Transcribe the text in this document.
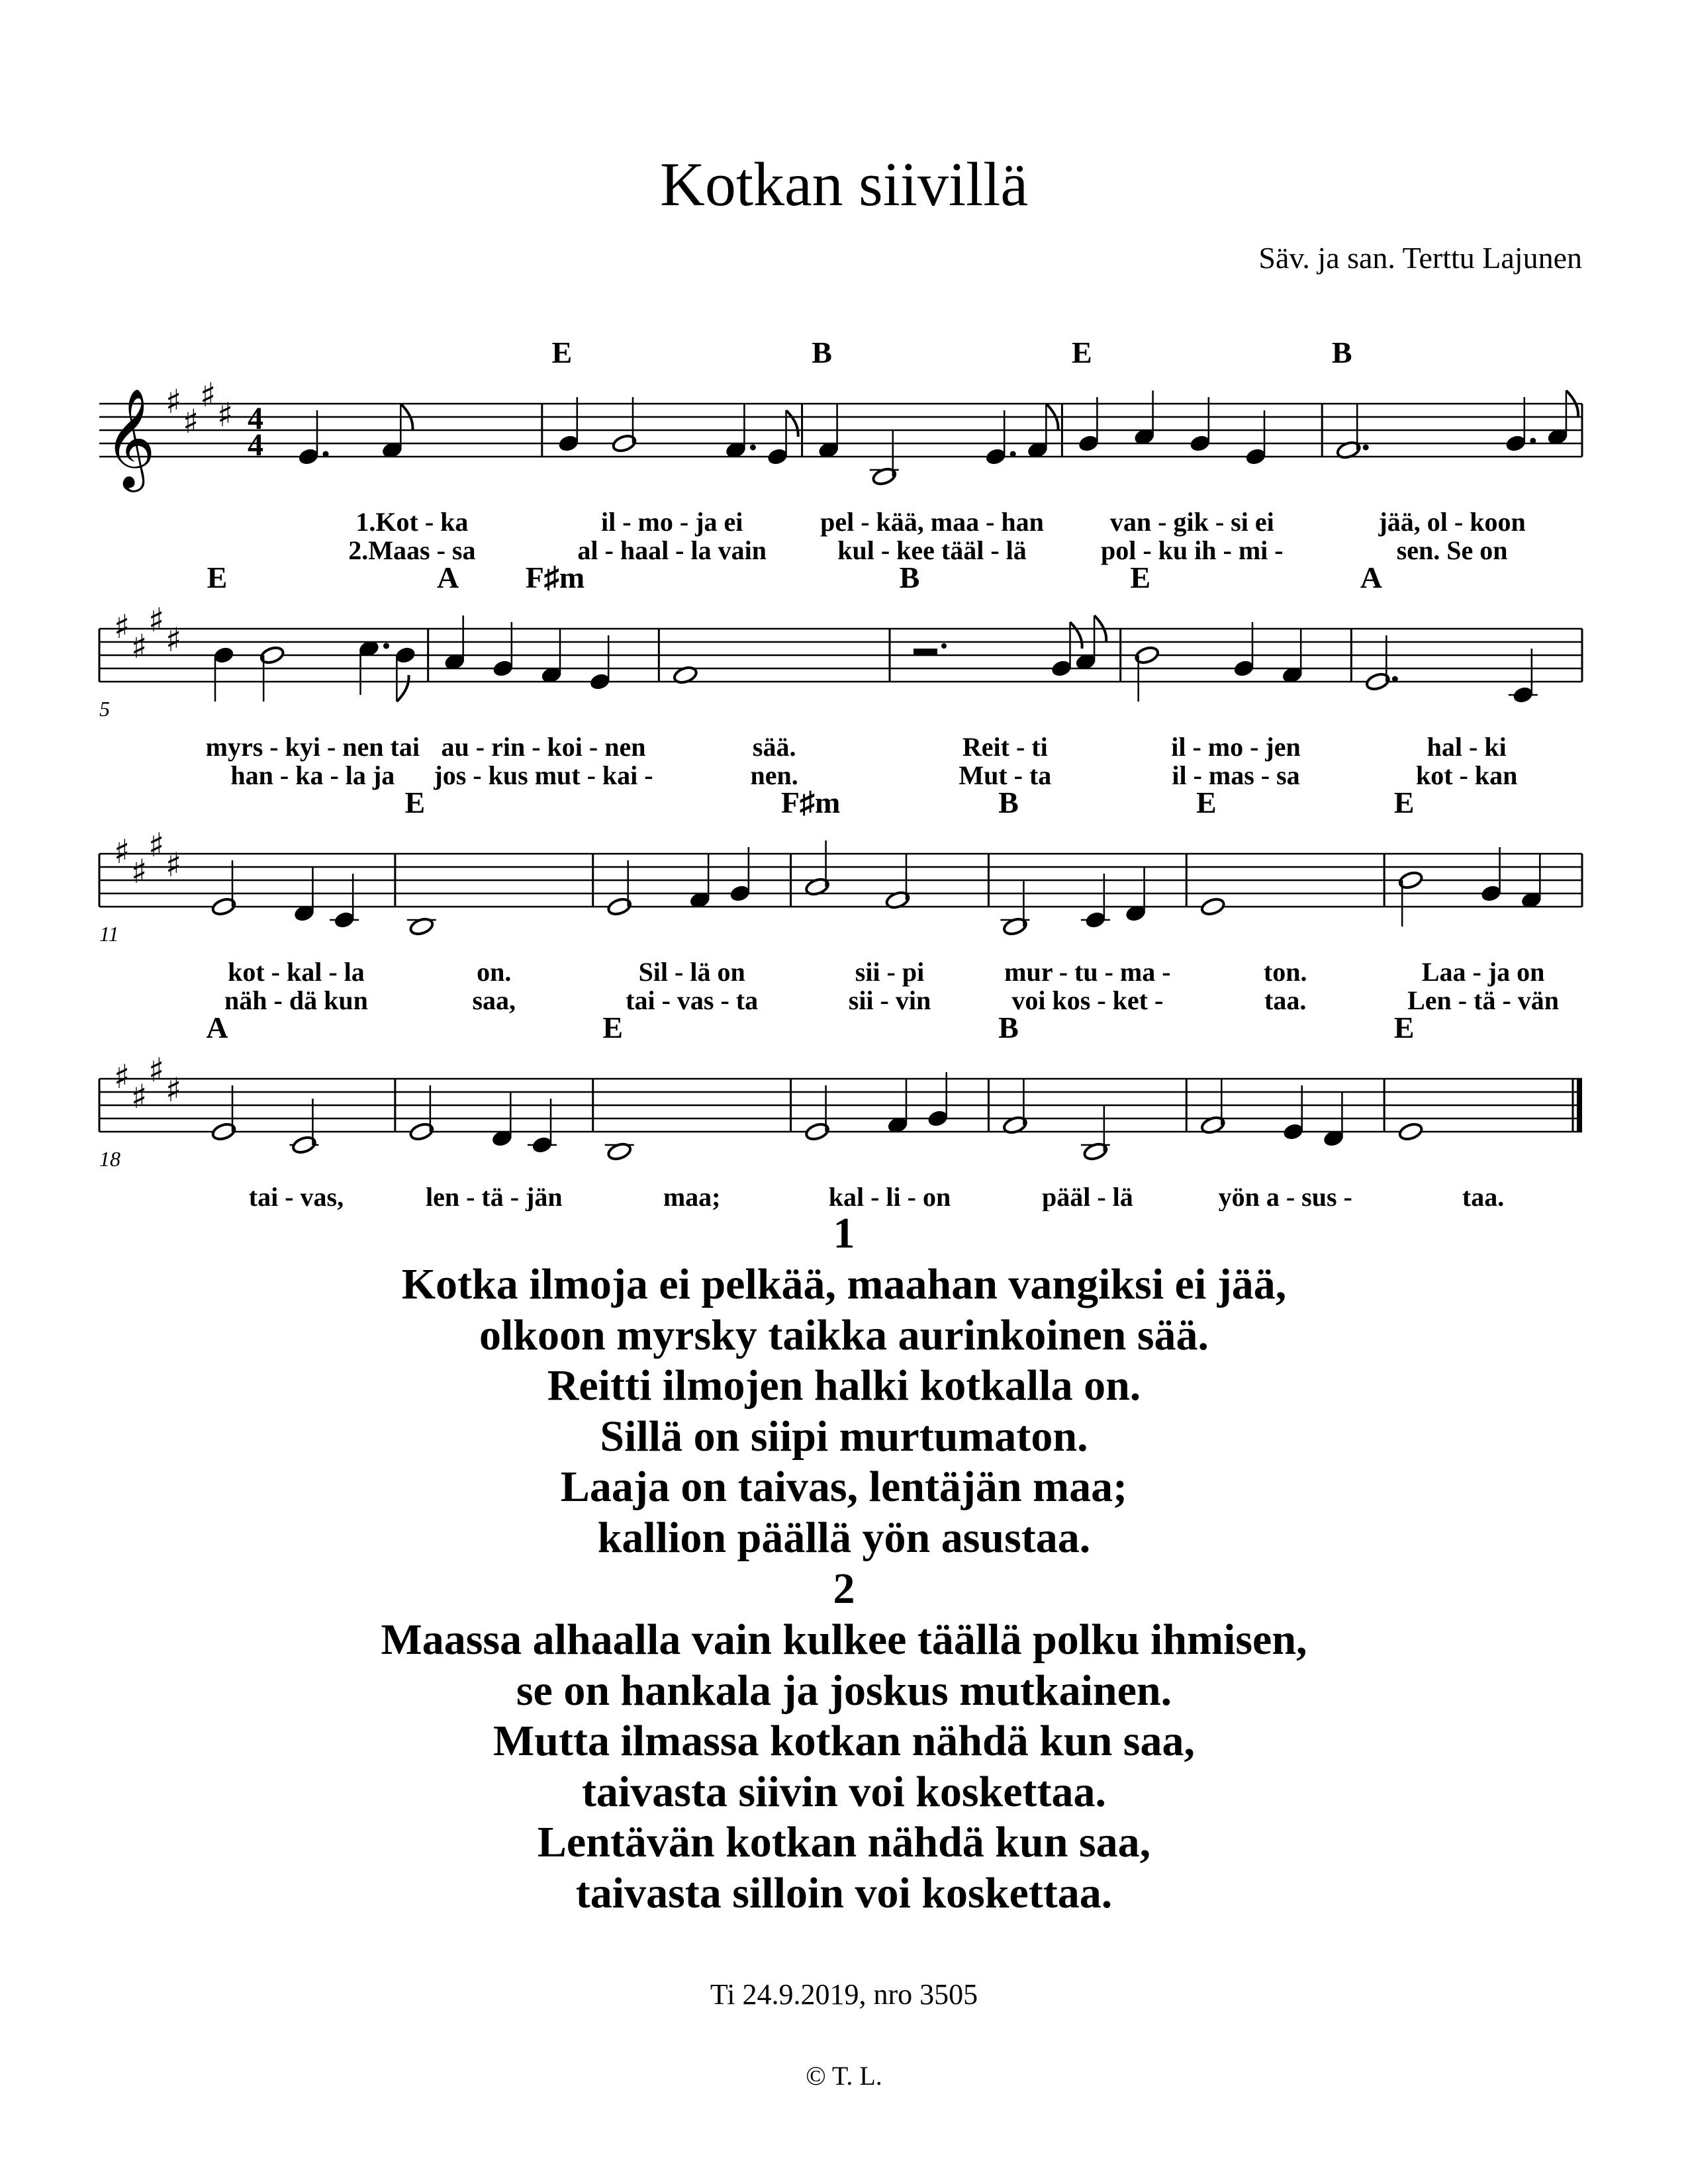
Kotkan siivillä
Säv. ja san. Terttu Lajunen
𝄞 ♯
♯
♯
♯ 4
4
1.Kot - ka
2.Maas - sa
E
il - mo - ja ei
al - haal - la vain
B
pel - kää, maa - han
kul - kee tääl - lä
E
van - gik - si ei
pol - ku ih - mi -
B
jää, ol - koon
sen. Se on
♯
♯
♯
♯
5
E
myrs - kyi - nen tai
han - ka - la ja
A F♯m
au - rin - koi - nen
jos - kus mut - kai -
sää.
nen.
B
Reit - ti
Mut - ta
E
il - mo - jen
il - mas - sa
A
hal - ki
kot - kan
♯
♯
♯
♯
11
kot - kal - la
näh - dä kun
E
on.
saa,
Sil - lä on
tai - vas - ta
F♯m
sii - pi
sii - vin
B
mur - tu - ma -
voi kos - ket -
E
ton.
taa.
E
Laa - ja on
Len - tä - vän
♯
♯
♯
♯
18
A
tai - vas,	len - tä - jän
E
maa;	kal - li - on
B
pääl - lä	yön a - sus -
E
taa.
1
Kotka ilmoja ei pelkää, maahan vangiksi ei jää,
olkoon myrsky taikka aurinkoinen sää.
Reitti ilmojen halki kotkalla on.
Sillä on siipi murtumaton.
Laaja on taivas, lentäjän maa;
kallion päällä yön asustaa.
2
Maassa alhaalla vain kulkee täällä polku ihmisen,
se on hankala ja joskus mutkainen.
Mutta ilmassa kotkan nähdä kun saa,
taivasta siivin voi koskettaa.
Lentävän kotkan nähdä kun saa,
taivasta silloin voi koskettaa.
Ti 24.9.2019, nro 3505
© T. L.
